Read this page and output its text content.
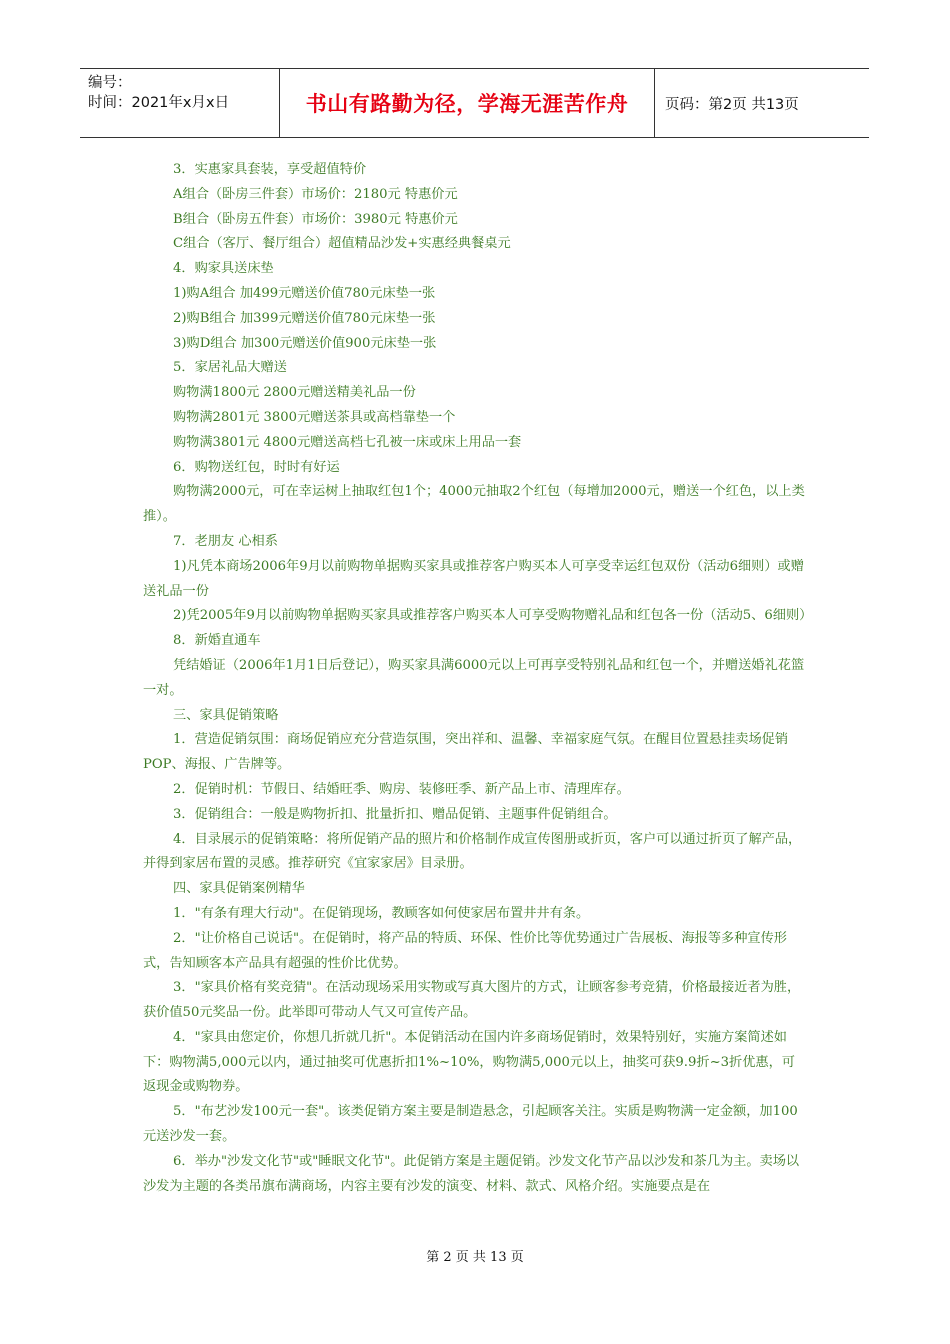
编号：
时间：2021年x月x日	书山有路勤为径，学海无涯苦作舟	页码：第2页 共13页

3．实惠家具套装，享受超值特价

A组合（卧房三件套）市场价：2180元 特惠价元

B组合（卧房五件套）市场价：3980元 特惠价元

C组合（客厅、餐厅组合）超值精品沙发+实惠经典餐桌元

4．购家具送床垫

1)购A组合 加499元赠送价值780元床垫一张

2)购B组合 加399元赠送价值780元床垫一张

3)购D组合 加300元赠送价值900元床垫一张

5．家居礼品大赠送

购物满1800元 2800元赠送精美礼品一份

购物满2801元 3800元赠送茶具或高档靠垫一个

购物满3801元 4800元赠送高档七孔被一床或床上用品一套

6．购物送红包，时时有好运

购物满2000元，可在幸运树上抽取红包1个；4000元抽取2个红包（每增加2000元，赠送一个红色，以上类推）。

7．老朋友 心相系

1)凡凭本商场2006年9月以前购物单据购买家具或推荐客户购买本人可享受幸运红包双份（活动6细则）或赠送礼品一份

2)凭2005年9月以前购物单据购买家具或推荐客户购买本人可享受购物赠礼品和红包各一份（活动5、6细则）

8．新婚直通车

凭结婚证（2006年1月1日后登记），购买家具满6000元以上可再享受特别礼品和红包一个，并赠送婚礼花篮一对。

三、家具促销策略

1．营造促销氛围：商场促销应充分营造氛围，突出祥和、温馨、幸福家庭气氛。在醒目位置悬挂卖场促销POP、海报、广告牌等。

2．促销时机：节假日、结婚旺季、购房、装修旺季、新产品上市、清理库存。

3．促销组合：一般是购物折扣、批量折扣、赠品促销、主题事件促销组合。

4．目录展示的促销策略：将所促销产品的照片和价格制作成宣传图册或折页，客户可以通过折页了解产品，并得到家居布置的灵感。推荐研究《宜家家居》目录册。

四、家具促销案例精华

1．"有条有理大行动"。在促销现场，教顾客如何使家居布置井井有条。

2．"让价格自己说话"。在促销时，将产品的特质、环保、性价比等优势通过广告展板、海报等多种宣传形式，告知顾客本产品具有超强的性价比优势。

3．"家具价格有奖竞猜"。在活动现场采用实物或写真大图片的方式，让顾客参考竞猜，价格最接近者为胜，获价值50元奖品一份。此举即可带动人气又可宣传产品。

4．"家具由您定价，你想几折就几折"。本促销活动在国内许多商场促销时，效果特别好，实施方案简述如下：购物满5,000元以内，通过抽奖可优惠折扣1%~10%，购物满5,000元以上，抽奖可获9.9折~3折优惠，可返现金或购物券。

5．"布艺沙发100元一套"。该类促销方案主要是制造悬念，引起顾客关注。实质是购物满一定金额，加100元送沙发一套。

6．举办"沙发文化节"或"睡眠文化节"。此促销方案是主题促销。沙发文化节产品以沙发和茶几为主。卖场以沙发为主题的各类吊旗布满商场，内容主要有沙发的演变、材料、款式、风格介绍。实施要点是在

第 2 页 共 13 页
